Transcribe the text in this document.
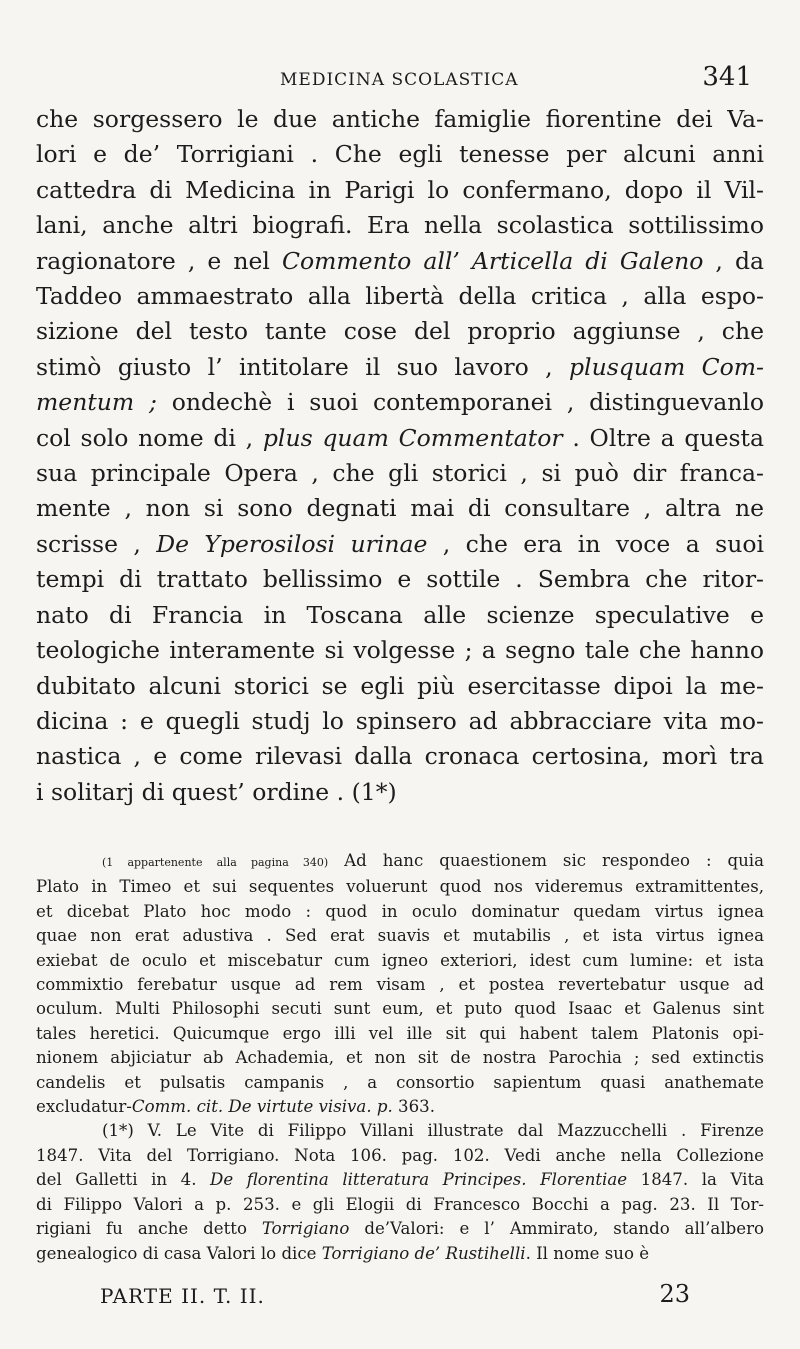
MEDICINA SCOLASTICA	341
che sorgessero le due antiche famiglie fiorentine dei Va-
lori e de’ Torrigiani . Che egli tenesse per alcuni anni
cattedra di Medicina in Parigi lo confermano, dopo il Vil-
lani, anche altri biografi. Era nella scolastica sottilissimo
ragionatore , e nel Commento all’ Articella di Galeno , da
Taddeo ammaestrato alla libertà della critica , alla espo-
sizione del testo tante cose del proprio aggiunse , che
stimò giusto l’ intitolare il suo lavoro , plusquam Com-
mentum ; ondechè i suoi contemporanei , distinguevanlo
col solo nome di , plus quam Commentator . Oltre a questa
sua principale Opera , che gli storici , si può dir franca-
mente , non si sono degnati mai di consultare , altra ne
scrisse , De Yperosilosi urinae , che era in voce a suoi
tempi di trattato bellissimo e sottile . Sembra che ritor-
nato di Francia in Toscana alle scienze speculative e
teologiche interamente si volgesse ; a segno tale che hanno
dubitato alcuni storici se egli più esercitasse dipoi la me-
dicina : e quegli studj lo spinsero ad abbracciare vita mo-
nastica , e come rilevasi dalla cronaca certosina, morì tra
i solitarj di quest’ ordine . (1*)
(1 appartenente alla pagina 340) Ad hanc quaestionem sic respondeo : quia
Plato in Timeo et sui sequentes voluerunt quod nos videremus extramittentes,
et dicebat Plato hoc modo : quod in oculo dominatur quedam virtus ignea
quae non erat adustiva . Sed erat suavis et mutabilis , et ista virtus ignea
exiebat de oculo et miscebatur cum igneo exteriori, idest cum lumine: et ista
commixtio ferebatur usque ad rem visam , et postea revertebatur usque ad
oculum. Multi Philosophi secuti sunt eum, et puto quod Isaac et Galenus sint
tales heretici. Quicumque ergo illi vel ille sit qui habent talem Platonis opi-
nionem abjiciatur ab Achademia, et non sit de nostra Parochia ; sed extinctis
candelis et pulsatis campanis , a consortio sapientum quasi anathemate
excludatur-Comm. cit. De virtute visiva. p. 363.
(1*) V. Le Vite di Filippo Villani illustrate dal Mazzucchelli . Firenze
1847. Vita del Torrigiano. Nota 106. pag. 102. Vedi anche nella Collezione
del Galletti in 4. De florentina litteratura Principes. Florentiae 1847. la Vita
di Filippo Valori a p. 253. e gli Elogii di Francesco Bocchi a pag. 23. Il Tor-
rigiani fu anche detto Torrigiano de’Valori: e l’ Ammirato, stando all’albero
genealogico di casa Valori lo dice Torrigiano de’ Rustihelli. Il nome suo è
PARTE II. T. II.	23
